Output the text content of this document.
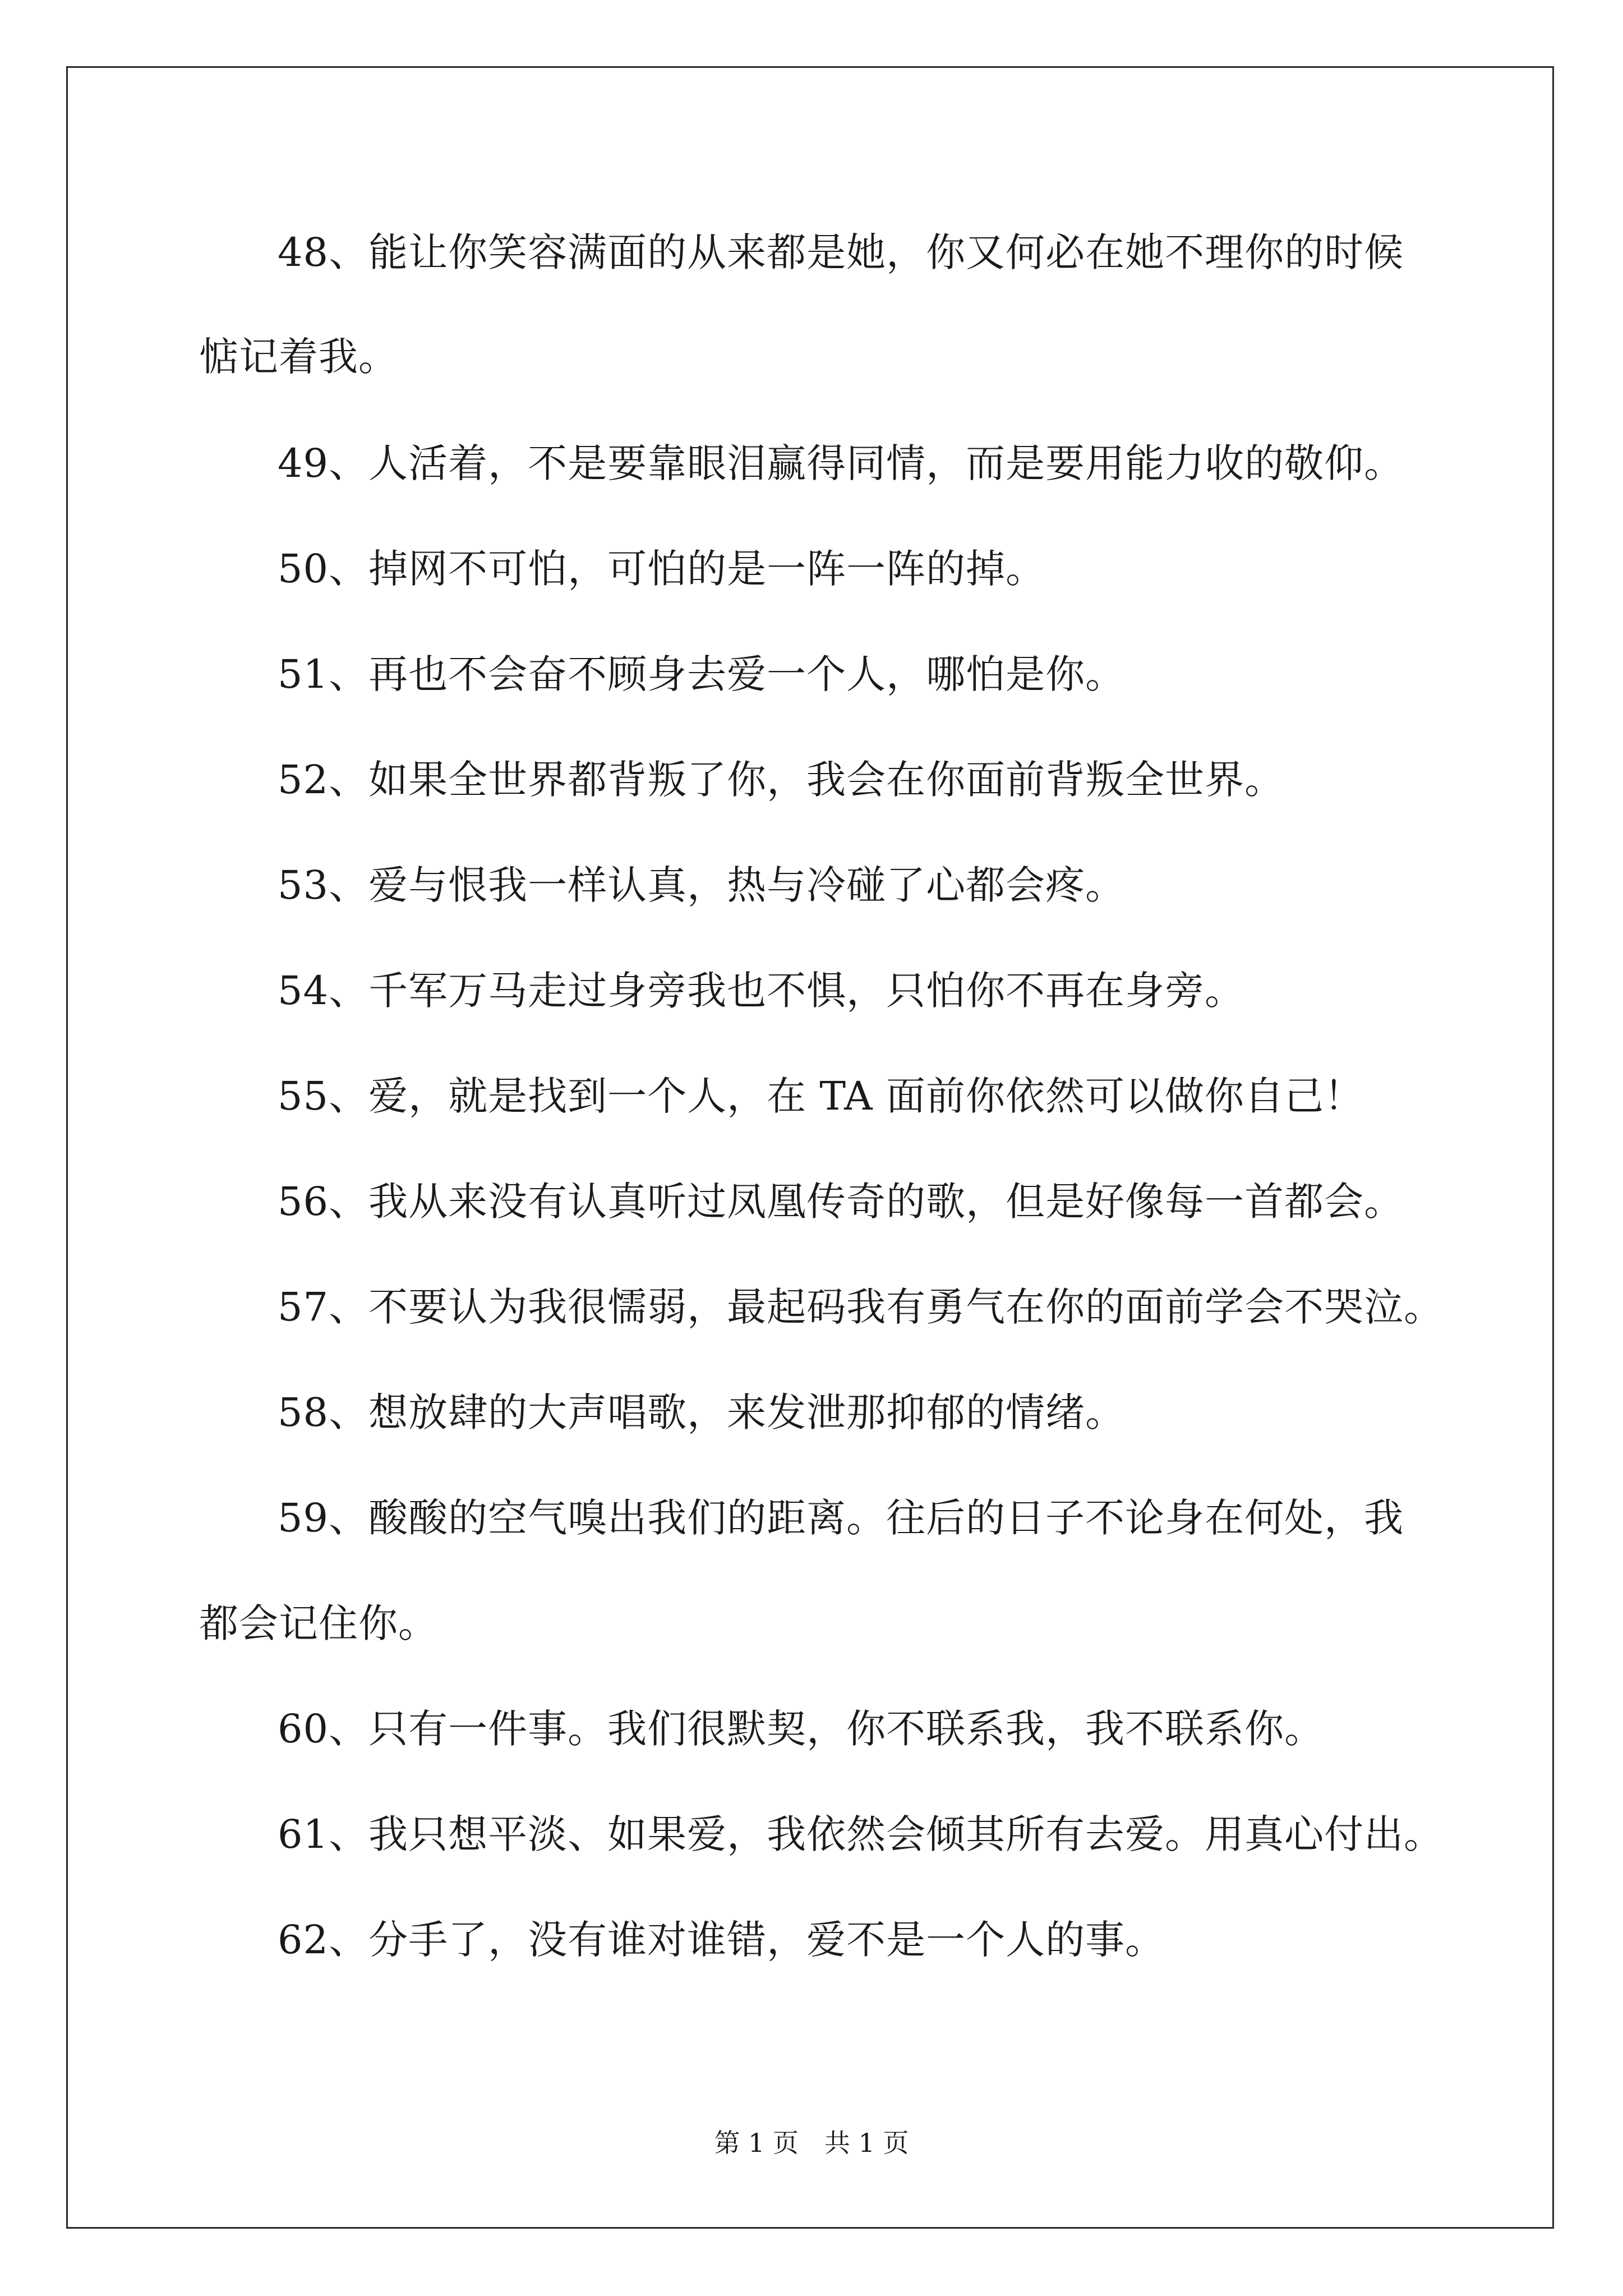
48、能让你笑容满面的从来都是她，你又何必在她不理你的时候
惦记着我。
49、人活着，不是要靠眼泪赢得同情，而是要用能力收的敬仰。
50、掉网不可怕，可怕的是一阵一阵的掉。
51、再也不会奋不顾身去爱一个人，哪怕是你。
52、如果全世界都背叛了你，我会在你面前背叛全世界。
53、爱与恨我一样认真，热与冷碰了心都会疼。
54、千军万马走过身旁我也不惧，只怕你不再在身旁。
55、爱，就是找到一个人，在 TA 面前你依然可以做你自己！
56、我从来没有认真听过凤凰传奇的歌，但是好像每一首都会。
57、不要认为我很懦弱，最起码我有勇气在你的面前学会不哭泣。
58、想放肆的大声唱歌，来发泄那抑郁的情绪。
59、酸酸的空气嗅出我们的距离。往后的日子不论身在何处，我
都会记住你。
60、只有一件事。我们很默契，你不联系我，我不联系你。
61、我只想平淡、如果爱，我依然会倾其所有去爱。用真心付出。
62、分手了，没有谁对谁错，爱不是一个人的事。
第 1 页　共 1 页
